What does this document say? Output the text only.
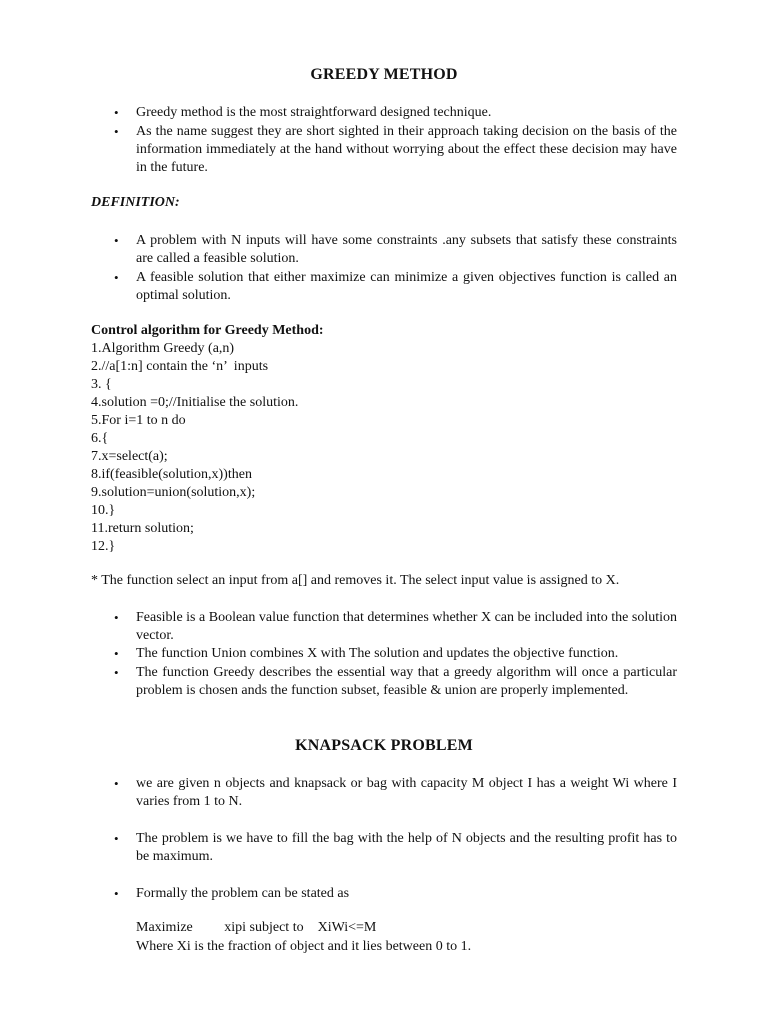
GREEDY METHOD
• Greedy method is the most straightforward designed technique.

• As the name suggest they are short sighted in their approach taking decision on the basis of the information immediately at the hand without worrying about the effect these decision may have in the future.

DEFINITION:
• A problem with N inputs will have some constraints .any subsets that satisfy these constraints are called a feasible solution.

• A feasible solution that either maximize can minimize a given objectives function is called an optimal solution.

Control algorithm for Greedy Method:
1.Algorithm Greedy (a,n)
2.//a[1:n] contain the ‘n’  inputs
3. {
4.solution =0;//Initialise the solution.
5.For i=1 to n do
6.{
7.x=select(a);
8.if(feasible(solution,x))then
9.solution=union(solution,x);
10.}
11.return solution;
12.}
* The function select an input from a[] and removes it. The select input value is assigned to X.
• Feasible is a Boolean value function that determines whether X can be included into the solution vector.

• The function Union combines X with The solution and updates the objective function.

• The function Greedy describes the essential way that a greedy algorithm will once a particular problem is chosen ands the function subset, feasible & union are properly implemented.

KNAPSACK PROBLEM
• we are given n objects and knapsack or bag with capacity M object I has a weight Wi where I varies from 1 to N.

• The problem is we have to fill the bag with the help of N objects and the resulting profit has to be maximum.

• Formally the problem can be stated as

Maximize         xipi subject to    XiWi<=M
Where Xi is the fraction of object and it lies between 0 to 1.
